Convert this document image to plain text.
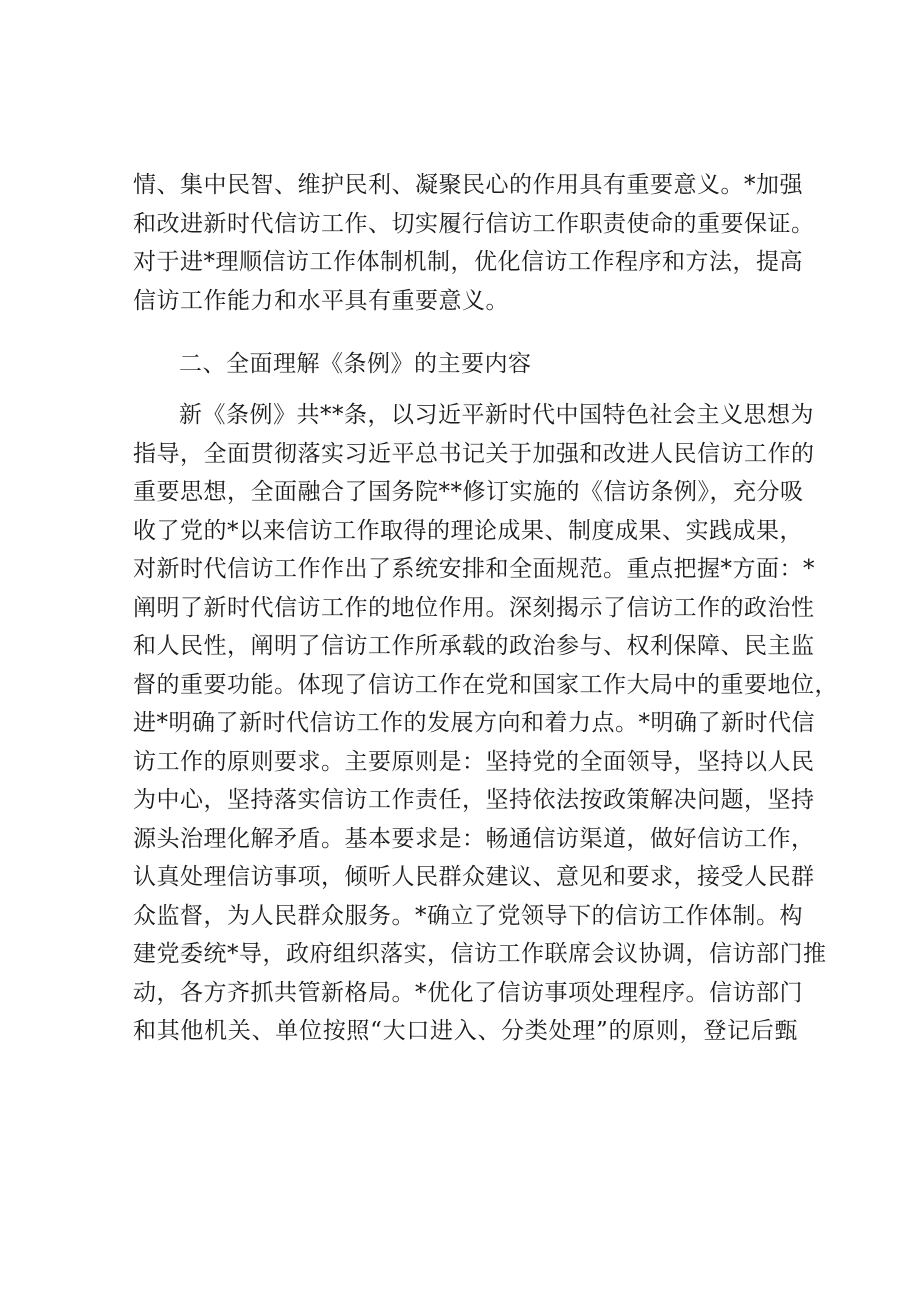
情、集中民智、维护民利、凝聚民心的作用具有重要意义。*加强
和改进新时代信访工作、切实履行信访工作职责使命的重要保证。
对于进*理顺信访工作体制机制，优化信访工作程序和方法，提高
信访工作能力和水平具有重要意义。
二、全面理解《条例》的主要内容
新《条例》共**条，以习近平新时代中国特色社会主义思想为
指导，全面贯彻落实习近平总书记关于加强和改进人民信访工作的
重要思想，全面融合了国务院**修订实施的《信访条例》，充分吸
收了党的*以来信访工作取得的理论成果、制度成果、实践成果，
对新时代信访工作作出了系统安排和全面规范。重点把握*方面：*
阐明了新时代信访工作的地位作用。深刻揭示了信访工作的政治性
和人民性，阐明了信访工作所承载的政治参与、权利保障、民主监
督的重要功能。体现了信访工作在党和国家工作大局中的重要地位，
进*明确了新时代信访工作的发展方向和着力点。*明确了新时代信
访工作的原则要求。主要原则是：坚持党的全面领导，坚持以人民
为中心，坚持落实信访工作责任，坚持依法按政策解决问题，坚持
源头治理化解矛盾。基本要求是：畅通信访渠道，做好信访工作，
认真处理信访事项，倾听人民群众建议、意见和要求，接受人民群
众监督，为人民群众服务。*确立了党领导下的信访工作体制。构
建党委统*导，政府组织落实，信访工作联席会议协调，信访部门推
动，各方齐抓共管新格局。*优化了信访事项处理程序。信访部门
和其他机关、单位按照“大口进入、分类处理”的原则，登记后甄
